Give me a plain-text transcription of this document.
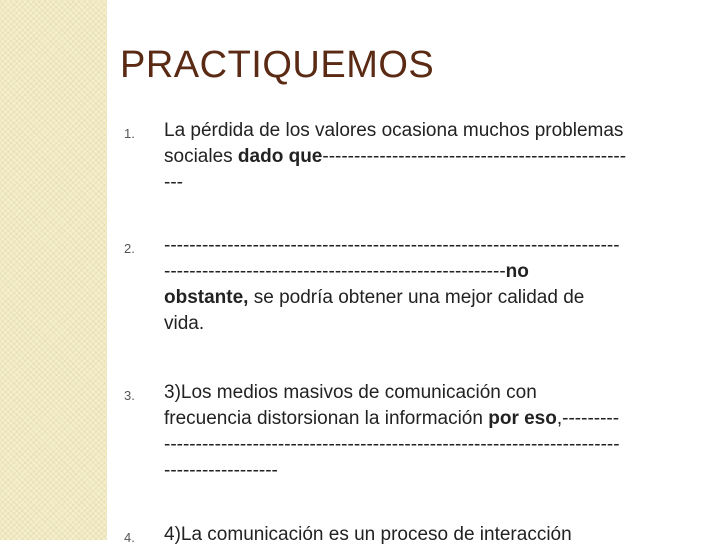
PRACTIQUEMOS
1. La pérdida de los valores ocasiona muchos problemas
sociales dado que------------------------------------------------
---
2. ------------------------------------------------------------------------
------------------------------------------------------no
obstante, se podría obtener una mejor calidad de
vida.
3. 3)Los medios masivos de comunicación con
frecuencia distorsionan la información por eso,---------
------------------------------------------------------------------------
------------------
4. 4)La comunicación es un proceso de interacción
